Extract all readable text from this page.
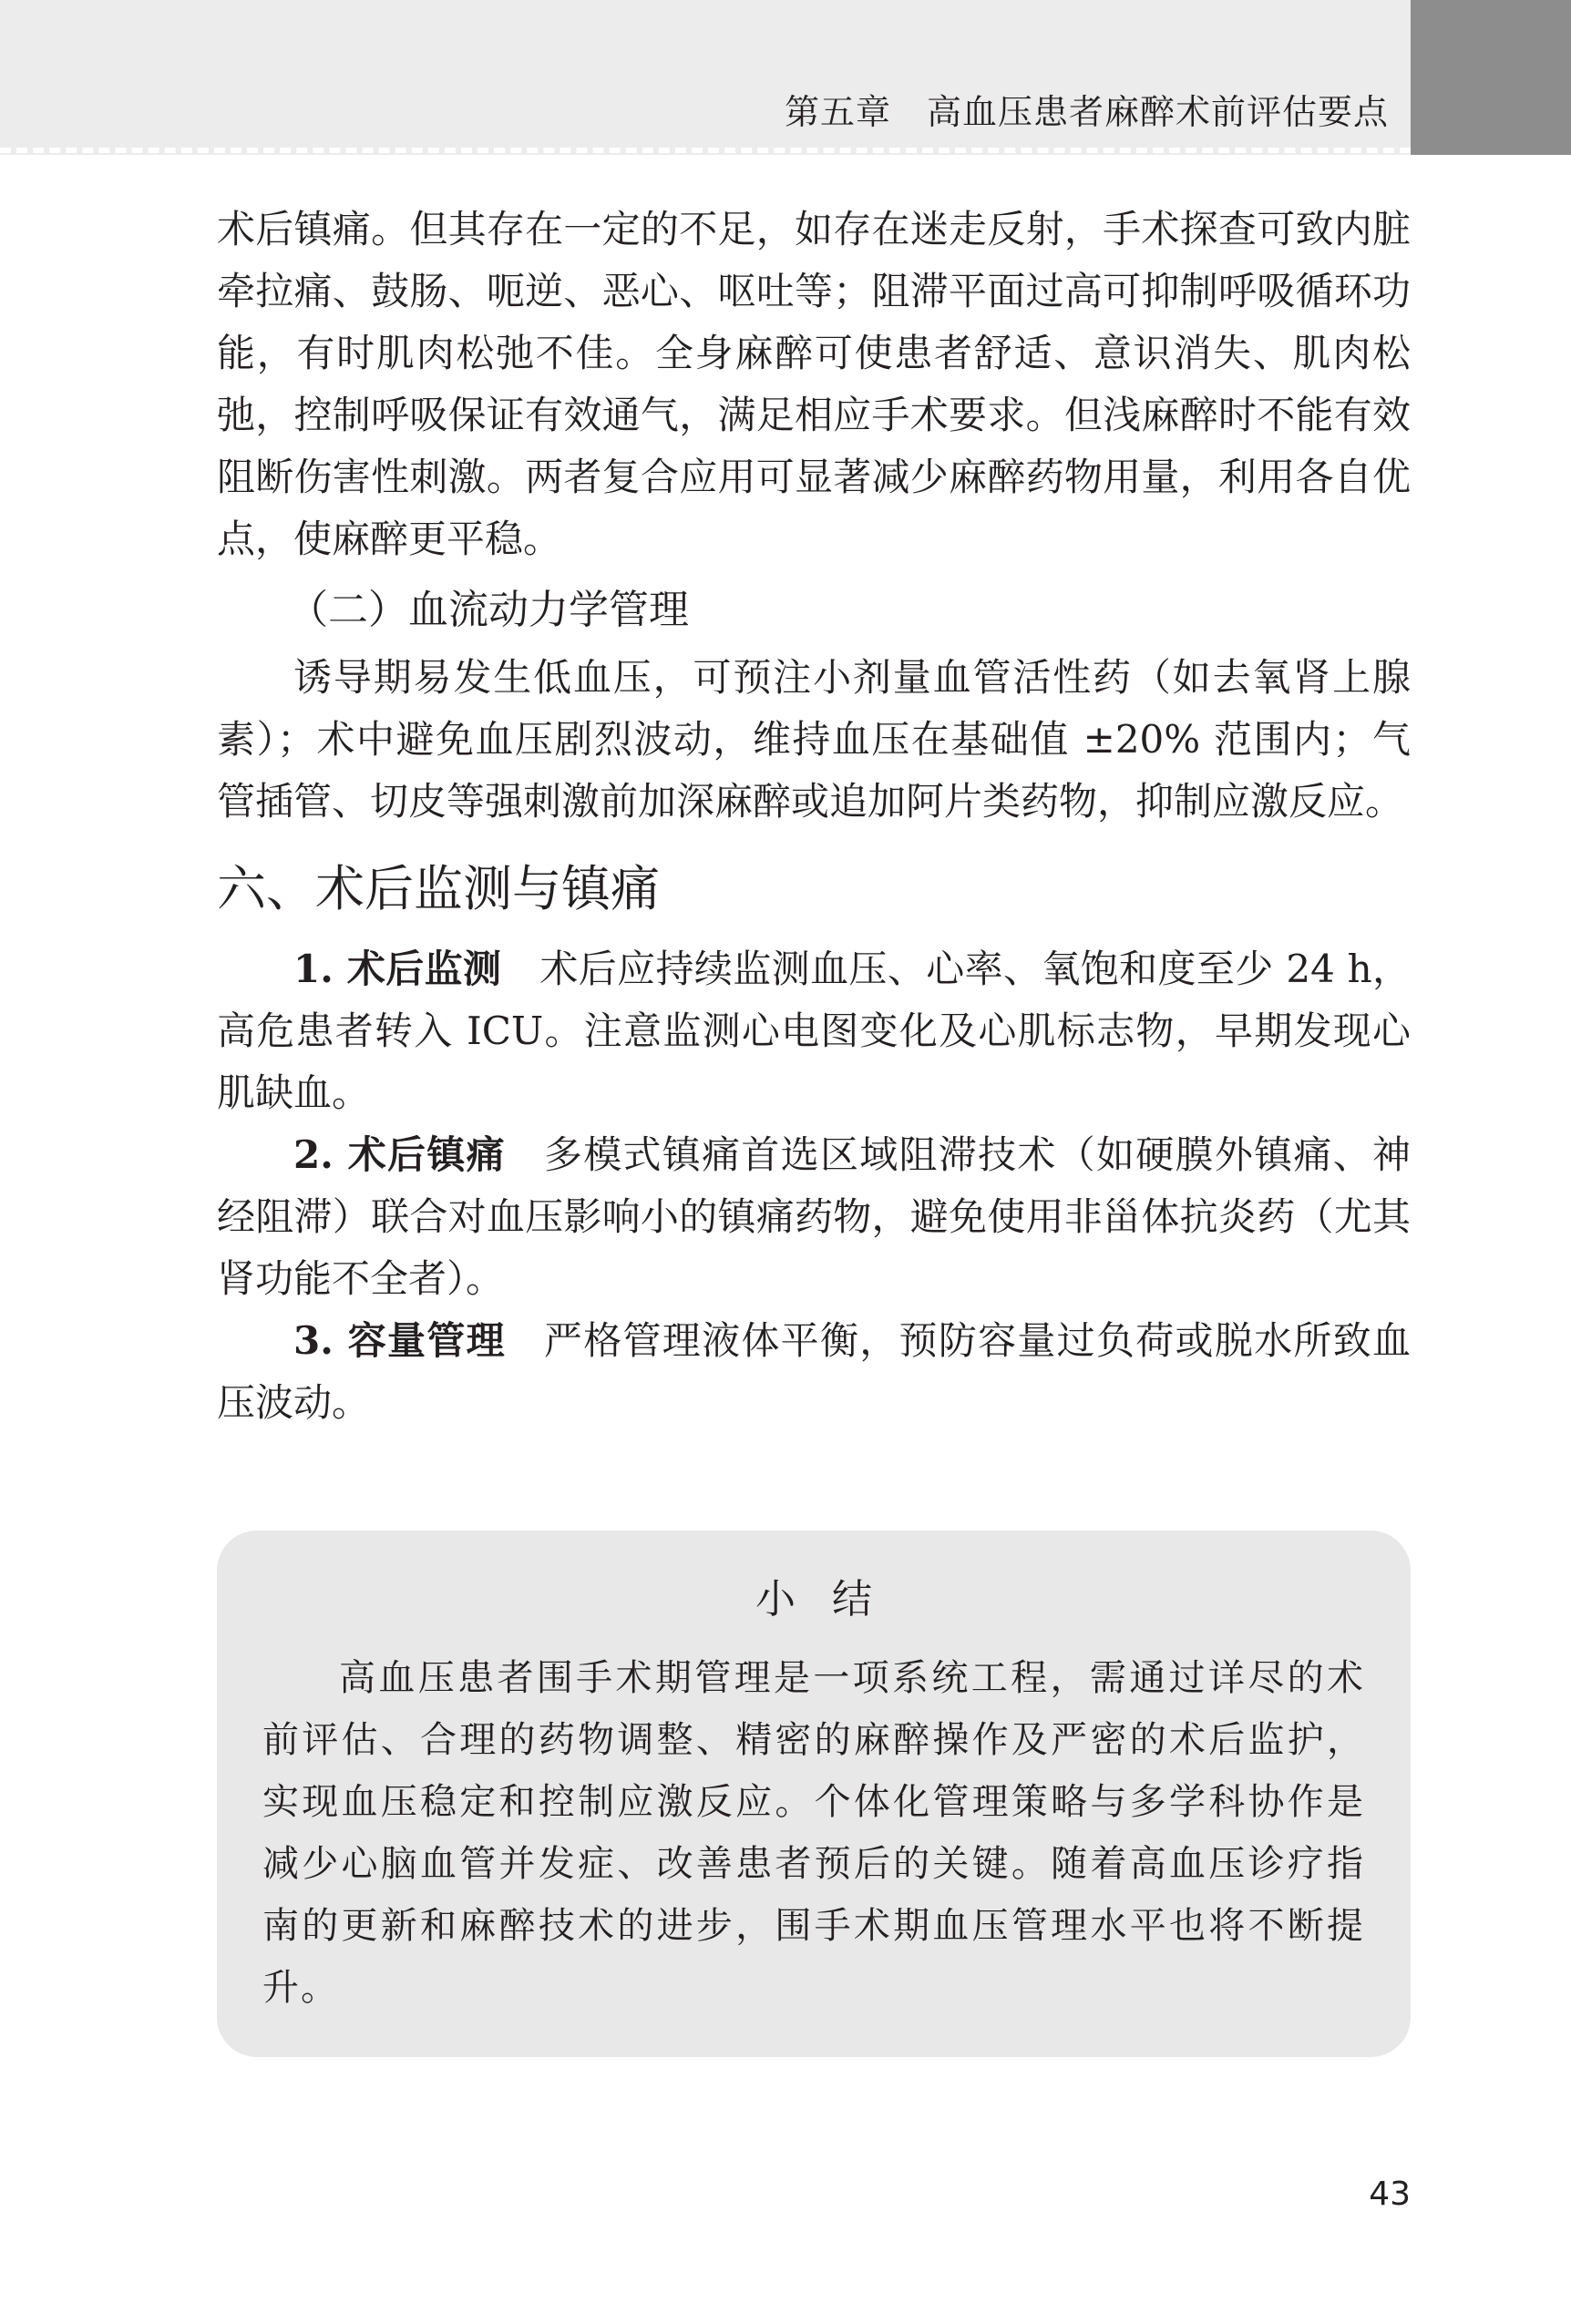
第五章　高血压患者麻醉术前评估要点

术后镇痛。但其存在一定的不足，如存在迷走反射，手术探查可致内脏牵拉痛、鼓肠、呃逆、恶心、呕吐等；阻滞平面过高可抑制呼吸循环功能，有时肌肉松弛不佳。全身麻醉可使患者舒适、意识消失、肌肉松弛，控制呼吸保证有效通气，满足相应手术要求。但浅麻醉时不能有效阻断伤害性刺激。两者复合应用可显著减少麻醉药物用量，利用各自优点，使麻醉更平稳。

（二）血流动力学管理

诱导期易发生低血压，可预注小剂量血管活性药（如去氧肾上腺素）；术中避免血压剧烈波动，维持血压在基础值 ±20% 范围内；气管插管、切皮等强刺激前加深麻醉或追加阿片类药物，抑制应激反应。

六、术后监测与镇痛

1. 术后监测 术后应持续监测血压、心率、氧饱和度至少 24 h，高危患者转入 ICU。注意监测心电图变化及心肌标志物，早期发现心肌缺血。

2. 术后镇痛 多模式镇痛首选区域阻滞技术（如硬膜外镇痛、神经阻滞）联合对血压影响小的镇痛药物，避免使用非甾体抗炎药（尤其肾功能不全者）。

3. 容量管理 严格管理液体平衡，预防容量过负荷或脱水所致血压波动。

小结

高血压患者围手术期管理是一项系统工程，需通过详尽的术前评估、合理的药物调整、精密的麻醉操作及严密的术后监护，实现血压稳定和控制应激反应。个体化管理策略与多学科协作是减少心脑血管并发症、改善患者预后的关键。随着高血压诊疗指南的更新和麻醉技术的进步，围手术期血压管理水平也将不断提升。

43
